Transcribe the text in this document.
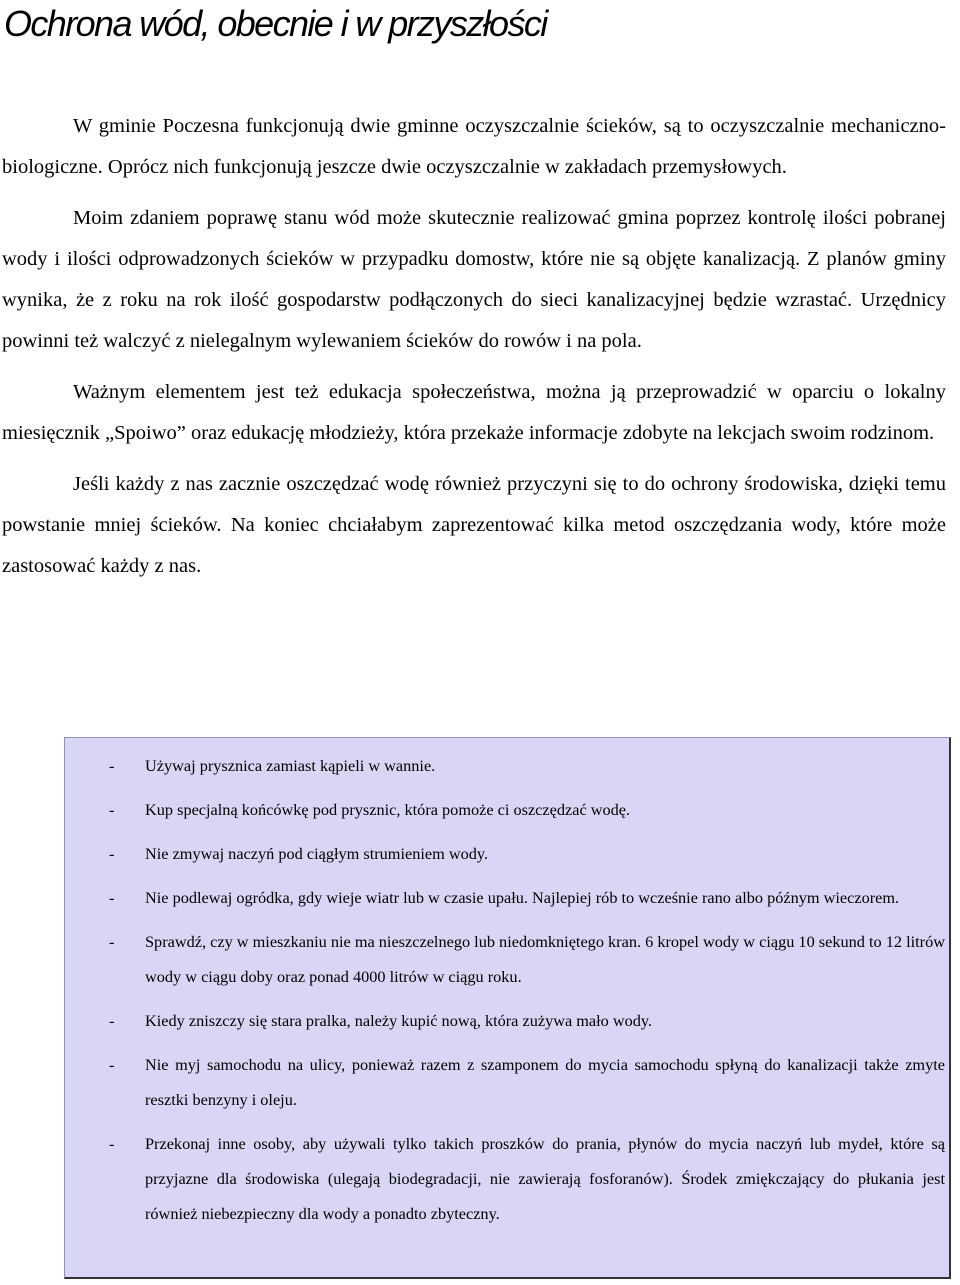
Ochrona wód, obecnie i w przyszłości

W gminie Poczesna funkcjonują dwie gminne oczyszczalnie ścieków, są to oczyszczalnie mechaniczno-biologiczne. Oprócz nich funkcjonują jeszcze dwie oczyszczalnie w zakładach przemysłowych.

Moim zdaniem poprawę stanu wód może skutecznie realizować gmina poprzez kontrolę ilości pobranej wody i ilości odprowadzonych ścieków w przypadku domostw, które nie są objęte kanalizacją. Z planów gminy wynika, że z roku na rok ilość gospodarstw podłączonych do sieci kanalizacyjnej będzie wzrastać. Urzędnicy powinni też walczyć z nielegalnym wylewaniem ścieków do rowów i na pola.

Ważnym elementem jest też edukacja społeczeństwa, można ją przeprowadzić w oparciu o lokalny miesięcznik „Spoiwo” oraz edukację młodzieży, która przekaże informacje zdobyte na lekcjach swoim rodzinom.

Jeśli każdy z nas zacznie oszczędzać wodę również przyczyni się to do ochrony środowiska, dzięki temu powstanie mniej ścieków. Na koniec chciałabym zaprezentować kilka metod oszczędzania wody, które może zastosować każdy z nas.

- Używaj prysznica zamiast kąpieli w wannie.
- Kup specjalną końcówkę pod prysznic, która pomoże ci oszczędzać wodę.
- Nie zmywaj naczyń pod ciągłym strumieniem wody.
- Nie podlewaj ogródka, gdy wieje wiatr lub w czasie upału. Najlepiej rób to wcześnie rano albo późnym wieczorem.
- Sprawdź, czy w mieszkaniu nie ma nieszczelnego lub niedomkniętego kran. 6 kropel wody w ciągu 10 sekund to 12 litrów wody w ciągu doby oraz ponad 4000 litrów w ciągu roku.
- Kiedy zniszczy się stara pralka, należy kupić nową, która zużywa mało wody.
- Nie myj samochodu na ulicy, ponieważ razem z szamponem do mycia samochodu spłyną do kanalizacji także zmyte resztki benzyny i oleju.
- Przekonaj inne osoby, aby używali tylko takich proszków do prania, płynów do mycia naczyń lub mydeł, które są przyjazne dla środowiska (ulegają biodegradacji, nie zawierają fosforanów). Środek zmiękczający do płukania jest również niebezpieczny dla wody a ponadto zbyteczny.
